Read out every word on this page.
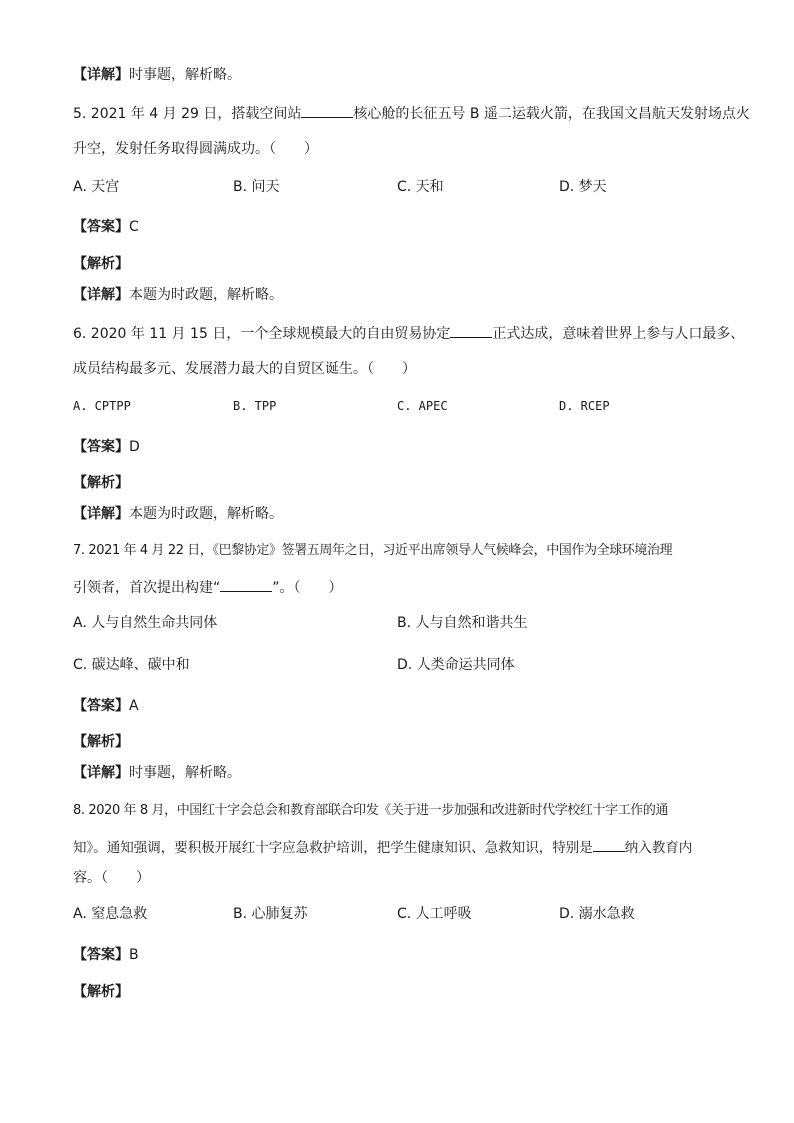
【详解】时事题，解析略。
5. 2021 年 4 月 29 日，搭载空间站	核心舱的长征五号 B 遥二运载火箭，在我国文昌航天发射场点火
升空，发射任务取得圆满成功。（　　）
A. 天宫	B. 问天	C. 天和	D. 梦天
【答案】C
【解析】
【详解】本题为时政题，解析略。
6. 2020 年 11 月 15 日，一个全球规模最大的自由贸易协定	正式达成，意味着世界上参与人口最多、
成员结构最多元、发展潜力最大的自贸区诞生。（　　）
A. CPTPP	B. TPP	C. APEC	D. RCEP
【答案】D
【解析】
【详解】本题为时政题，解析略。
7. 2021 年 4 月 22 日，《巴黎协定》签署五周年之日，习近平出席领导人气候峰会，中国作为全球环境治理
引领者，首次提出构建“	”。（　　）
A. 人与自然生命共同体	B. 人与自然和谐共生
C. 碳达峰、碳中和	D. 人类命运共同体
【答案】A
【解析】
【详解】时事题，解析略。
8. 2020 年 8 月，中国红十字会总会和教育部联合印发《关于进一步加强和改进新时代学校红十字工作的通
知》。通知强调，要积极开展红十字应急救护培训，把学生健康知识、急救知识，特别是 纳入教育内
容。（　　）
A. 窒息急救	B. 心肺复苏	C. 人工呼吸	D. 溺水急救
【答案】B
【解析】
